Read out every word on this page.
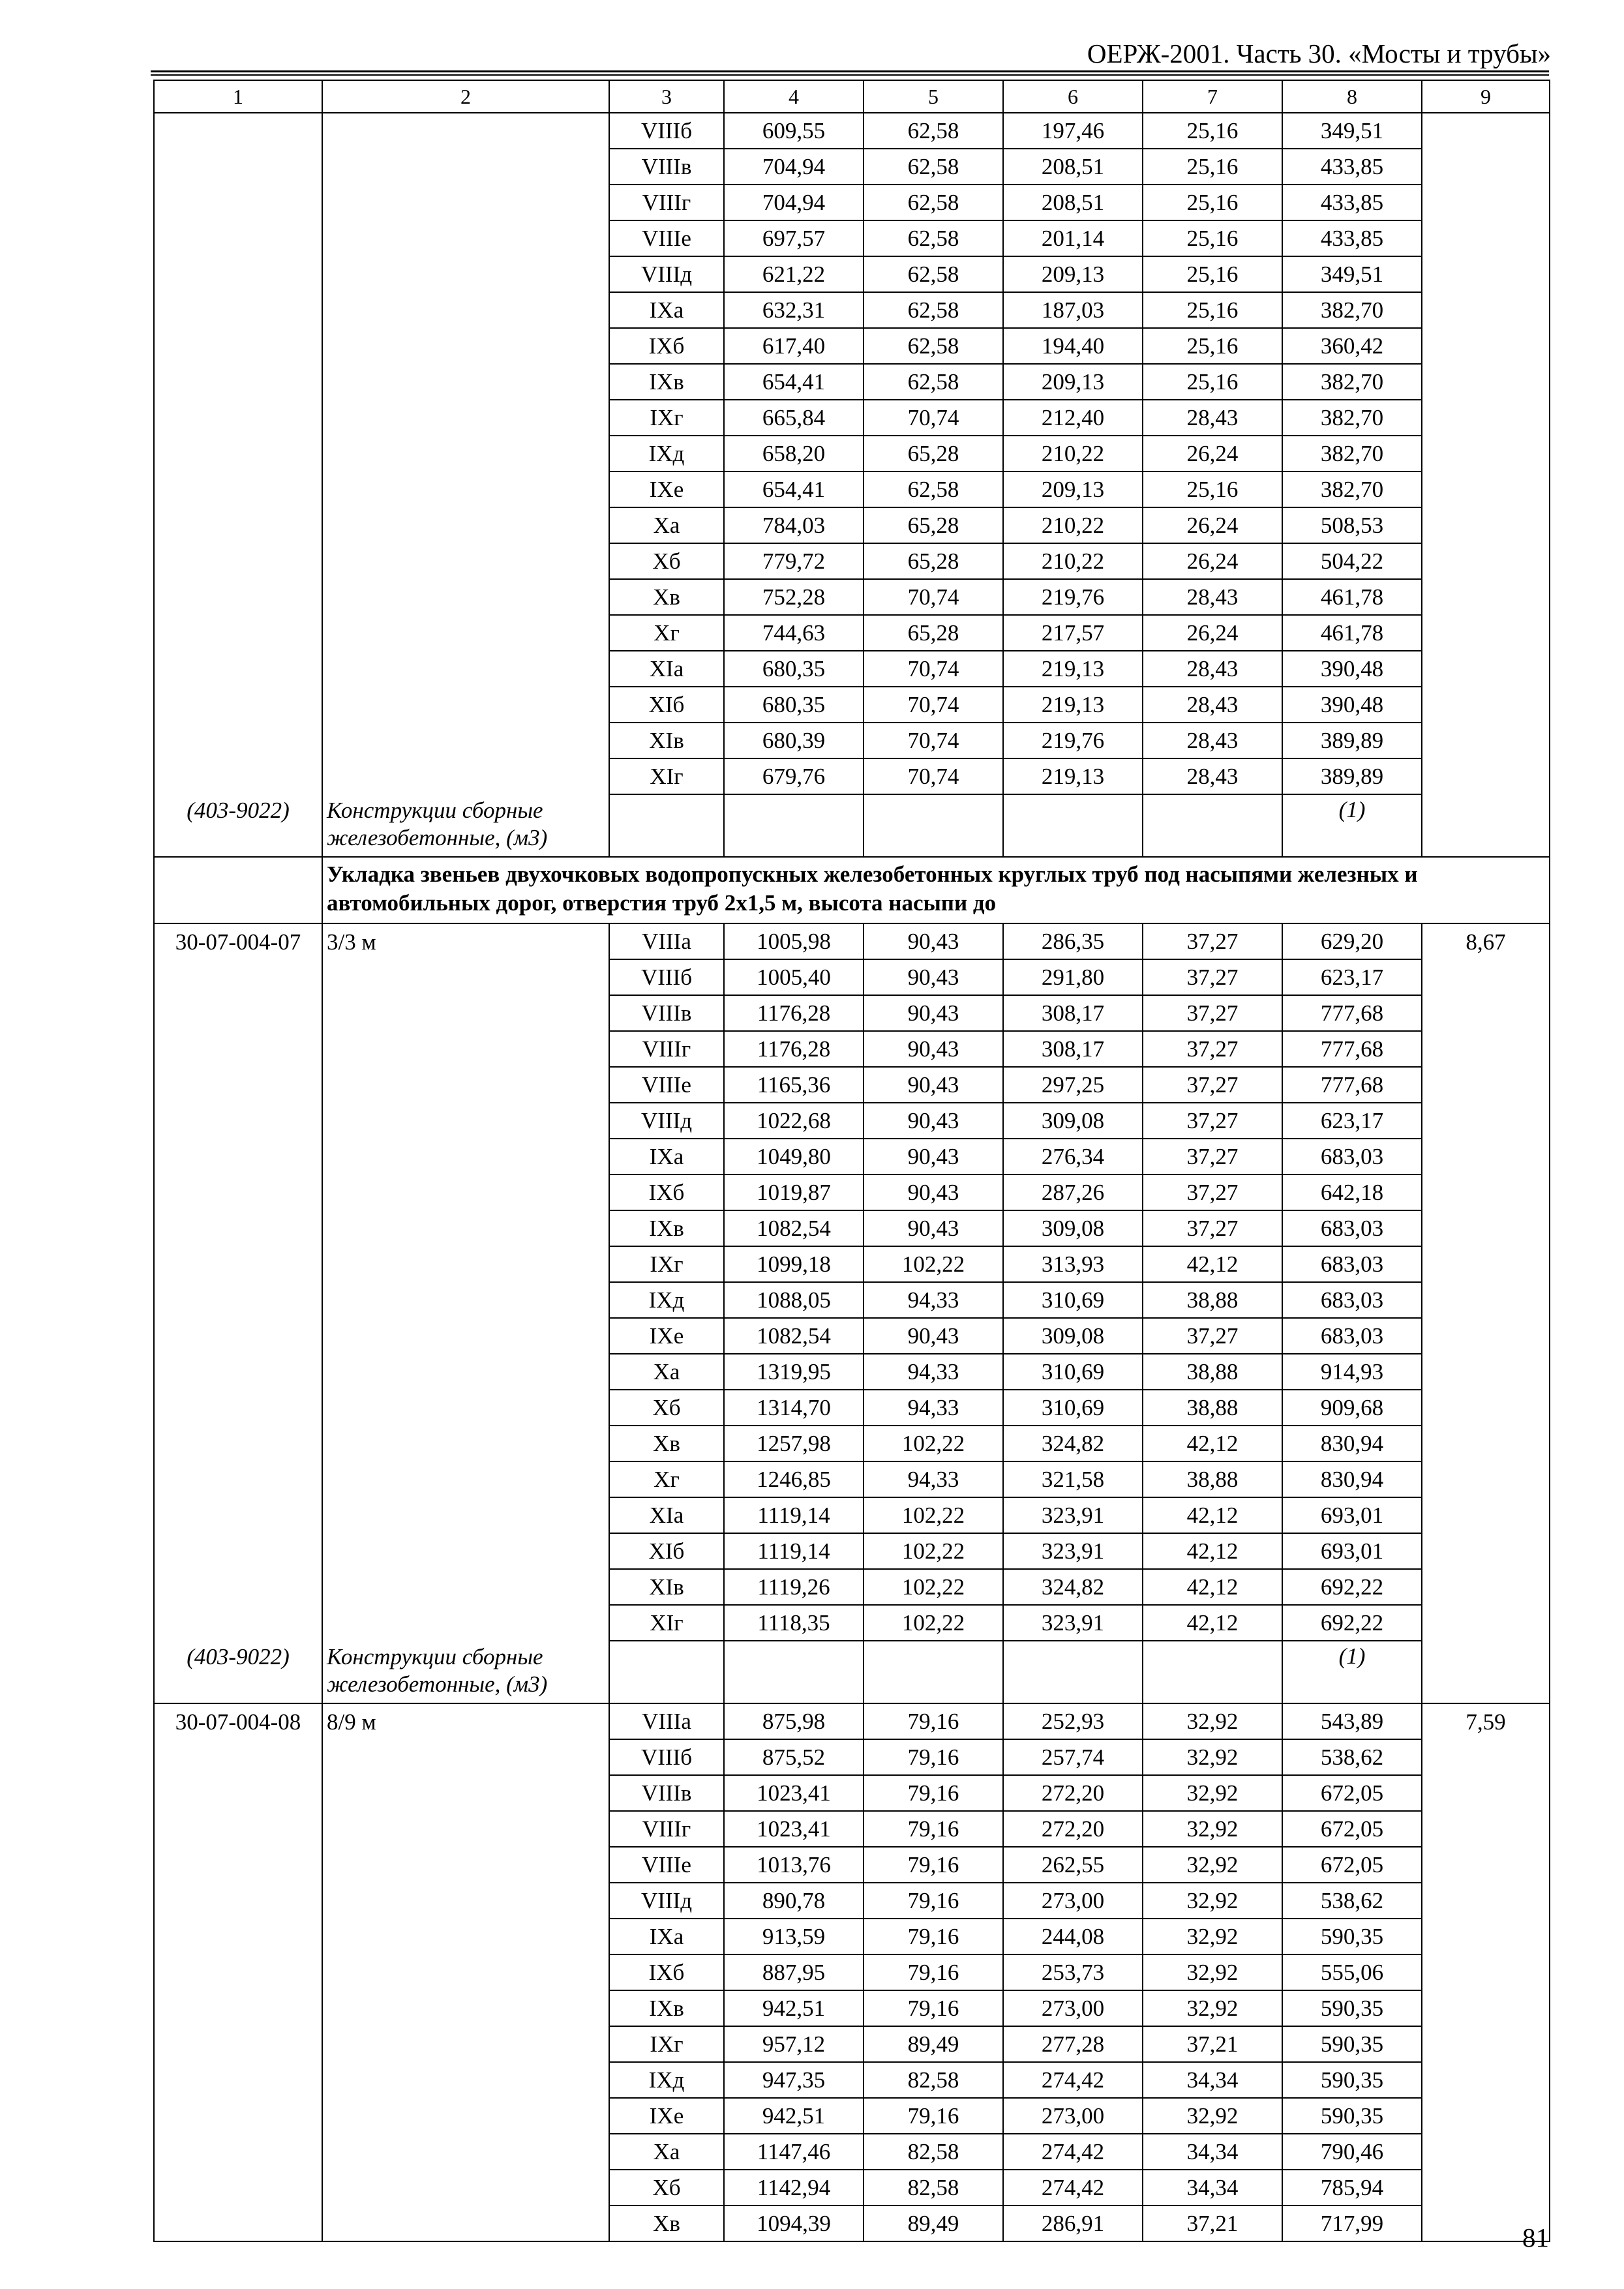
ОЕРЖ-2001. Часть 30. «Мосты и трубы»
1	2	3	4	5	6	7	8	9
		VIIIб	609,55	62,58	197,46	25,16	349,51	
		VIIIв	704,94	62,58	208,51	25,16	433,85	
		VIIIг	704,94	62,58	208,51	25,16	433,85	
		VIIIе	697,57	62,58	201,14	25,16	433,85	
		VIIIд	621,22	62,58	209,13	25,16	349,51	
		IXа	632,31	62,58	187,03	25,16	382,70	
		IXб	617,40	62,58	194,40	25,16	360,42	
		IXв	654,41	62,58	209,13	25,16	382,70	
		IXг	665,84	70,74	212,40	28,43	382,70	
		IXд	658,20	65,28	210,22	26,24	382,70	
		IXе	654,41	62,58	209,13	25,16	382,70	
		Xа	784,03	65,28	210,22	26,24	508,53	
		Xб	779,72	65,28	210,22	26,24	504,22	
		Xв	752,28	70,74	219,76	28,43	461,78	
		Xг	744,63	65,28	217,57	26,24	461,78	
		XIа	680,35	70,74	219,13	28,43	390,48	
		XIб	680,35	70,74	219,13	28,43	390,48	
		XIв	680,39	70,74	219,76	28,43	389,89	
		XIг	679,76	70,74	219,13	28,43	389,89	
(403-9022)	Конструкции сборные железобетонные, (м3)						(1)	
	Укладка звеньев двухочковых водопропускных железобетонных круглых труб под насыпями железных и автомобильных дорог, отверстия труб 2х1,5 м, высота насыпи до							
30-07-004-07	3/3 м	VIIIа	1005,98	90,43	286,35	37,27	629,20	8,67
		VIIIб	1005,40	90,43	291,80	37,27	623,17	
		VIIIв	1176,28	90,43	308,17	37,27	777,68	
		VIIIг	1176,28	90,43	308,17	37,27	777,68	
		VIIIе	1165,36	90,43	297,25	37,27	777,68	
		VIIIд	1022,68	90,43	309,08	37,27	623,17	
		IXа	1049,80	90,43	276,34	37,27	683,03	
		IXб	1019,87	90,43	287,26	37,27	642,18	
		IXв	1082,54	90,43	309,08	37,27	683,03	
		IXг	1099,18	102,22	313,93	42,12	683,03	
		IXд	1088,05	94,33	310,69	38,88	683,03	
		IXе	1082,54	90,43	309,08	37,27	683,03	
		Xа	1319,95	94,33	310,69	38,88	914,93	
		Xб	1314,70	94,33	310,69	38,88	909,68	
		Xв	1257,98	102,22	324,82	42,12	830,94	
		Xг	1246,85	94,33	321,58	38,88	830,94	
		XIа	1119,14	102,22	323,91	42,12	693,01	
		XIб	1119,14	102,22	323,91	42,12	693,01	
		XIв	1119,26	102,22	324,82	42,12	692,22	
		XIг	1118,35	102,22	323,91	42,12	692,22	
(403-9022)	Конструкции сборные железобетонные, (м3)						(1)	
30-07-004-08	8/9 м	VIIIа	875,98	79,16	252,93	32,92	543,89	7,59
		VIIIб	875,52	79,16	257,74	32,92	538,62	
		VIIIв	1023,41	79,16	272,20	32,92	672,05	
		VIIIг	1023,41	79,16	272,20	32,92	672,05	
		VIIIе	1013,76	79,16	262,55	32,92	672,05	
		VIIIд	890,78	79,16	273,00	32,92	538,62	
		IXа	913,59	79,16	244,08	32,92	590,35	
		IXб	887,95	79,16	253,73	32,92	555,06	
		IXв	942,51	79,16	273,00	32,92	590,35	
		IXг	957,12	89,49	277,28	37,21	590,35	
		IXд	947,35	82,58	274,42	34,34	590,35	
		IXе	942,51	79,16	273,00	32,92	590,35	
		Xа	1147,46	82,58	274,42	34,34	790,46	
		Xб	1142,94	82,58	274,42	34,34	785,94	
		Xв	1094,39	89,49	286,91	37,21	717,99		81
